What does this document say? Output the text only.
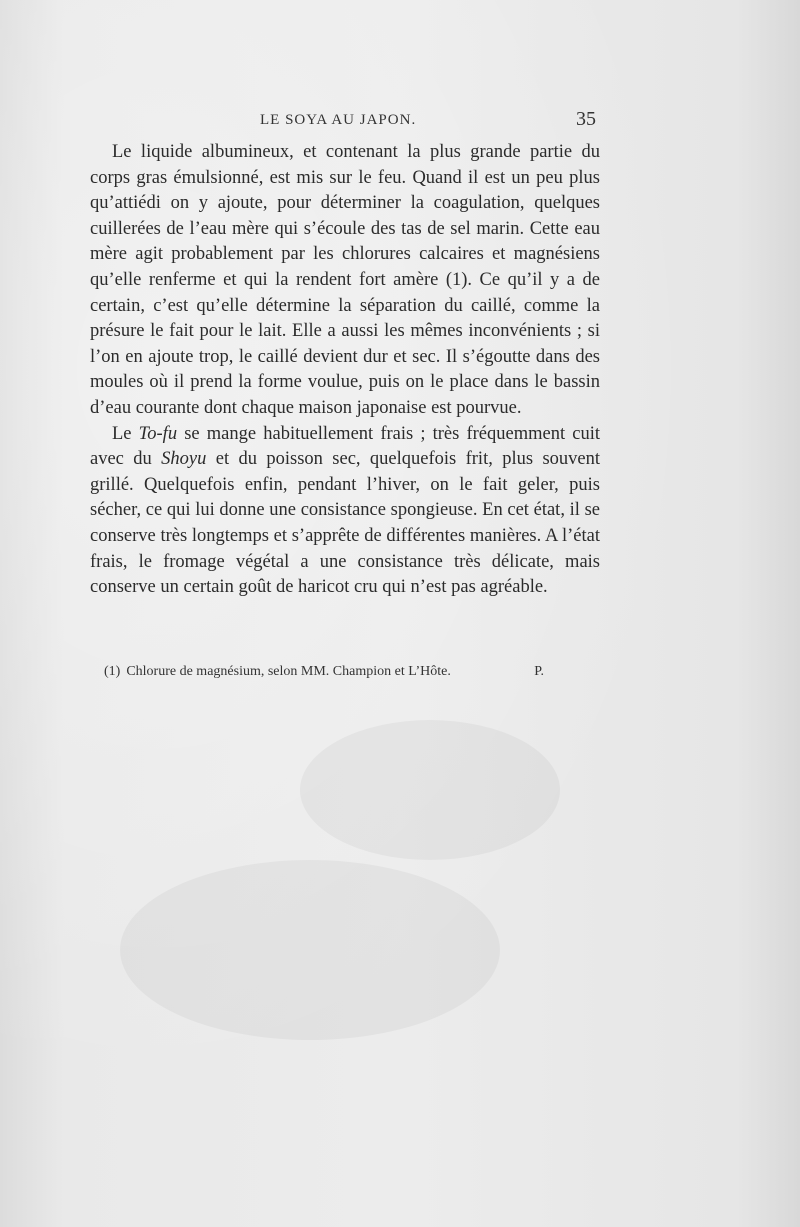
LE SOYA AU JAPON.	35

Le liquide albumineux, et contenant la plus grande partie du corps gras émulsionné, est mis sur le feu. Quand il est un peu plus qu’attiédi on y ajoute, pour déterminer la coagulation, quelques cuillerées de l’eau mère qui s’écoule des tas de sel marin. Cette eau mère agit probablement par les chlorures calcaires et magnésiens qu’elle renferme et qui la rendent fort amère (1). Ce qu’il y a de certain, c’est qu’elle détermine la séparation du caillé, comme la présure le fait pour le lait. Elle a aussi les mêmes inconvénients ; si l’on en ajoute trop, le caillé devient dur et sec. Il s’égoutte dans des moules où il prend la forme voulue, puis on le place dans le bassin d’eau courante dont chaque maison japonaise est pourvue.

Le To-fu se mange habituellement frais ; très fréquemment cuit avec du Shoyu et du poisson sec, quelquefois frit, plus souvent grillé. Quelquefois enfin, pendant l’hiver, on le fait geler, puis sécher, ce qui lui donne une consistance spongieuse. En cet état, il se conserve très longtemps et s’apprête de différentes manières. A l’état frais, le fromage végétal a une consistance très délicate, mais conserve un certain goût de haricot cru qui n’est pas agréable.

(1) Chlorure de magnésium, selon MM. Champion et L’Hôte.	P.
